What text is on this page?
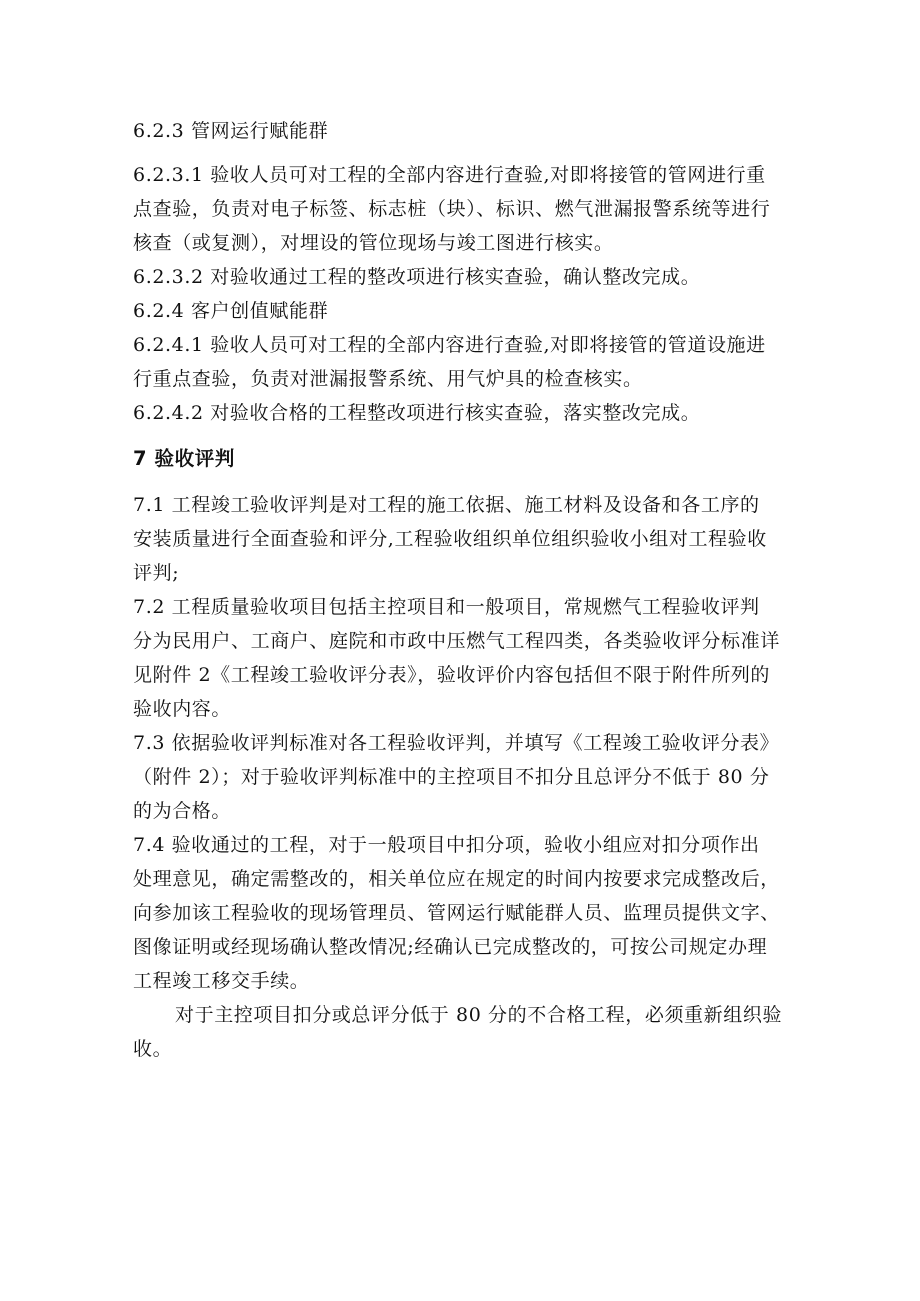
6.2.3 管网运行赋能群
6.2.3.1 验收人员可对工程的全部内容进行查验,对即将接管的管网进行重
点查验，负责对电子标签、标志桩（块）、标识、燃气泄漏报警系统等进行
核查（或复测），对埋设的管位现场与竣工图进行核实。
6.2.3.2 对验收通过工程的整改项进行核实查验，确认整改完成。
6.2.4 客户创值赋能群
6.2.4.1 验收人员可对工程的全部内容进行查验,对即将接管的管道设施进
行重点查验，负责对泄漏报警系统、用气炉具的检查核实。
6.2.4.2 对验收合格的工程整改项进行核实查验，落实整改完成。
7 验收评判
7.1 工程竣工验收评判是对工程的施工依据、施工材料及设备和各工序的
安装质量进行全面查验和评分,工程验收组织单位组织验收小组对工程验收
评判;
7.2 工程质量验收项目包括主控项目和一般项目，常规燃气工程验收评判
分为民用户、工商户、庭院和市政中压燃气工程四类，各类验收评分标准详
见附件 2《工程竣工验收评分表》，验收评价内容包括但不限于附件所列的
验收内容。
7.3 依据验收评判标准对各工程验收评判，并填写《工程竣工验收评分表》
（附件 2）；对于验收评判标准中的主控项目不扣分且总评分不低于 80 分
的为合格。
7.4 验收通过的工程，对于一般项目中扣分项，验收小组应对扣分项作出
处理意见，确定需整改的，相关单位应在规定的时间内按要求完成整改后，
向参加该工程验收的现场管理员、管网运行赋能群人员、监理员提供文字、
图像证明或经现场确认整改情况;经确认已完成整改的，可按公司规定办理
工程竣工移交手续。
对于主控项目扣分或总评分低于 80 分的不合格工程，必须重新组织验
收。
